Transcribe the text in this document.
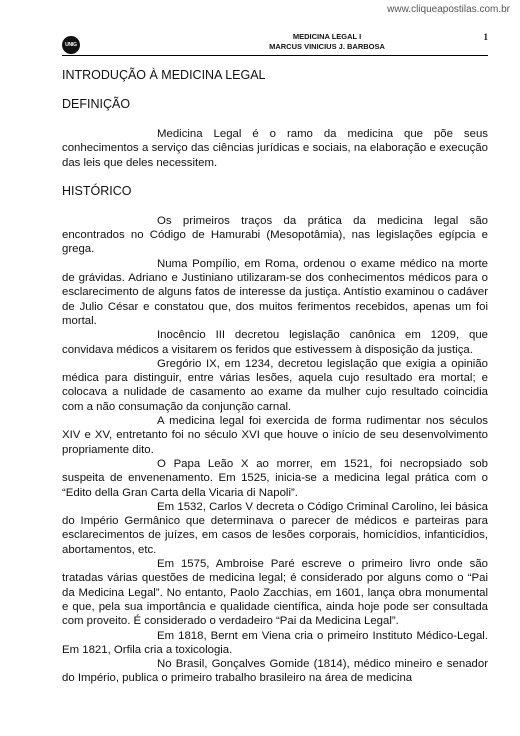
www.cliqueapostilas.com.br
UNIG
MEDICINA LEGAL I
MARCUS VINICIUS J. BARBOSA
1
INTRODUÇÃO À MEDICINA LEGAL
DEFINIÇÃO

Medicina Legal é o ramo da medicina que põe seus conhecimentos a serviço das ciências jurídicas e sociais, na elaboração e execução das leis que deles necessitem.

HISTÓRICO

Os primeiros traços da prática da medicina legal são encontrados no Código de Hamurabi (Mesopotâmia), nas legislações egípcia e grega.

Numa Pompílio, em Roma, ordenou o exame médico na morte de grávidas. Adriano e Justiniano utilizaram-se dos conhecimentos médicos para o esclarecimento de alguns fatos de interesse da justiça. Antístio examinou o cadáver de Julio César e constatou que, dos muitos ferimentos recebidos, apenas um foi mortal.

Inocêncio III decretou legislação canônica em 1209, que convidava médicos a visitarem os feridos que estivessem à disposição da justiça.

Gregório IX, em 1234, decretou legislação que exigia a opinião médica para distinguir, entre várias lesões, aquela cujo resultado era mortal; e colocava a nulidade de casamento ao exame da mulher cujo resultado coincidia com a não consumação da conjunção carnal.

A medicina legal foi exercida de forma rudimentar nos séculos XIV e XV, entretanto foi no século XVI que houve o início de seu desenvolvimento propriamente dito.

O Papa Leão X ao morrer, em 1521, foi necropsiado sob suspeita de envenenamento. Em 1525, inicia-se a medicina legal prática com o “Edito della Gran Carta della Vicaria di Napoli”.

Em 1532, Carlos V decreta o Código Criminal Carolino, lei básica do Império Germânico que determinava o parecer de médicos e parteiras para esclarecimentos de juízes, em casos de lesões corporais, homicídios, infanticídios, abortamentos, etc.

Em 1575, Ambroise Paré escreve o primeiro livro onde são tratadas várias questões de medicina legal; é considerado por alguns como o “Pai da Medicina Legal”. No entanto, Paolo Zacchias, em 1601, lança obra monumental e que, pela sua importância e qualidade científica, ainda hoje pode ser consultada com proveito. É considerado o verdadeiro “Pai da Medicina Legal”.

Em 1818, Bernt em Viena cria o primeiro Instituto Médico-Legal. Em 1821, Orfila cria a toxicologia.

No Brasil, Gonçalves Gomide (1814), médico mineiro e senador do Império, publica o primeiro trabalho brasileiro na área de medicina
